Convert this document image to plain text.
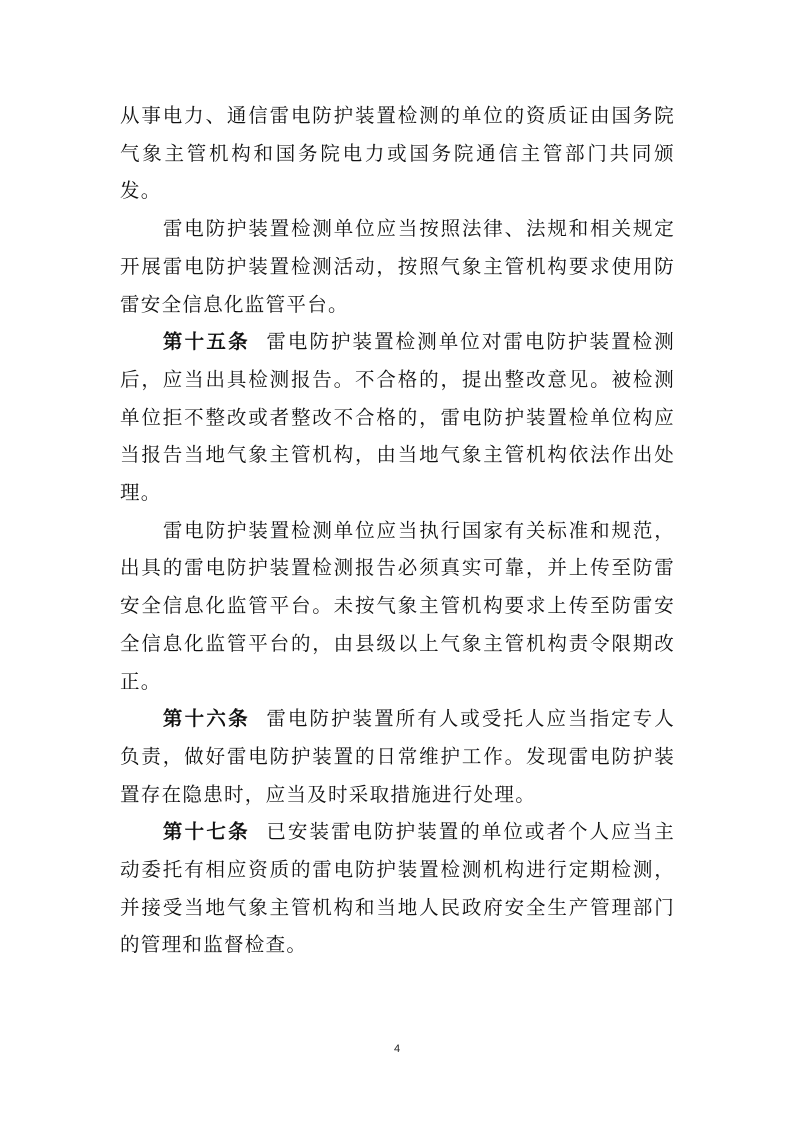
从事电力、通信雷电防护装置检测的单位的资质证由国务院气象主管机构和国务院电力或国务院通信主管部门共同颁发。

雷电防护装置检测单位应当按照法律、法规和相关规定开展雷电防护装置检测活动，按照气象主管机构要求使用防雷安全信息化监管平台。

第十五条 雷电防护装置检测单位对雷电防护装置检测后，应当出具检测报告。不合格的，提出整改意见。被检测单位拒不整改或者整改不合格的，雷电防护装置检单位构应当报告当地气象主管机构，由当地气象主管机构依法作出处理。

雷电防护装置检测单位应当执行国家有关标准和规范，出具的雷电防护装置检测报告必须真实可靠，并上传至防雷安全信息化监管平台。未按气象主管机构要求上传至防雷安全信息化监管平台的，由县级以上气象主管机构责令限期改正。

第十六条 雷电防护装置所有人或受托人应当指定专人负责，做好雷电防护装置的日常维护工作。发现雷电防护装置存在隐患时，应当及时采取措施进行处理。

第十七条 已安装雷电防护装置的单位或者个人应当主动委托有相应资质的雷电防护装置检测机构进行定期检测，并接受当地气象主管机构和当地人民政府安全生产管理部门的管理和监督检查。

4
